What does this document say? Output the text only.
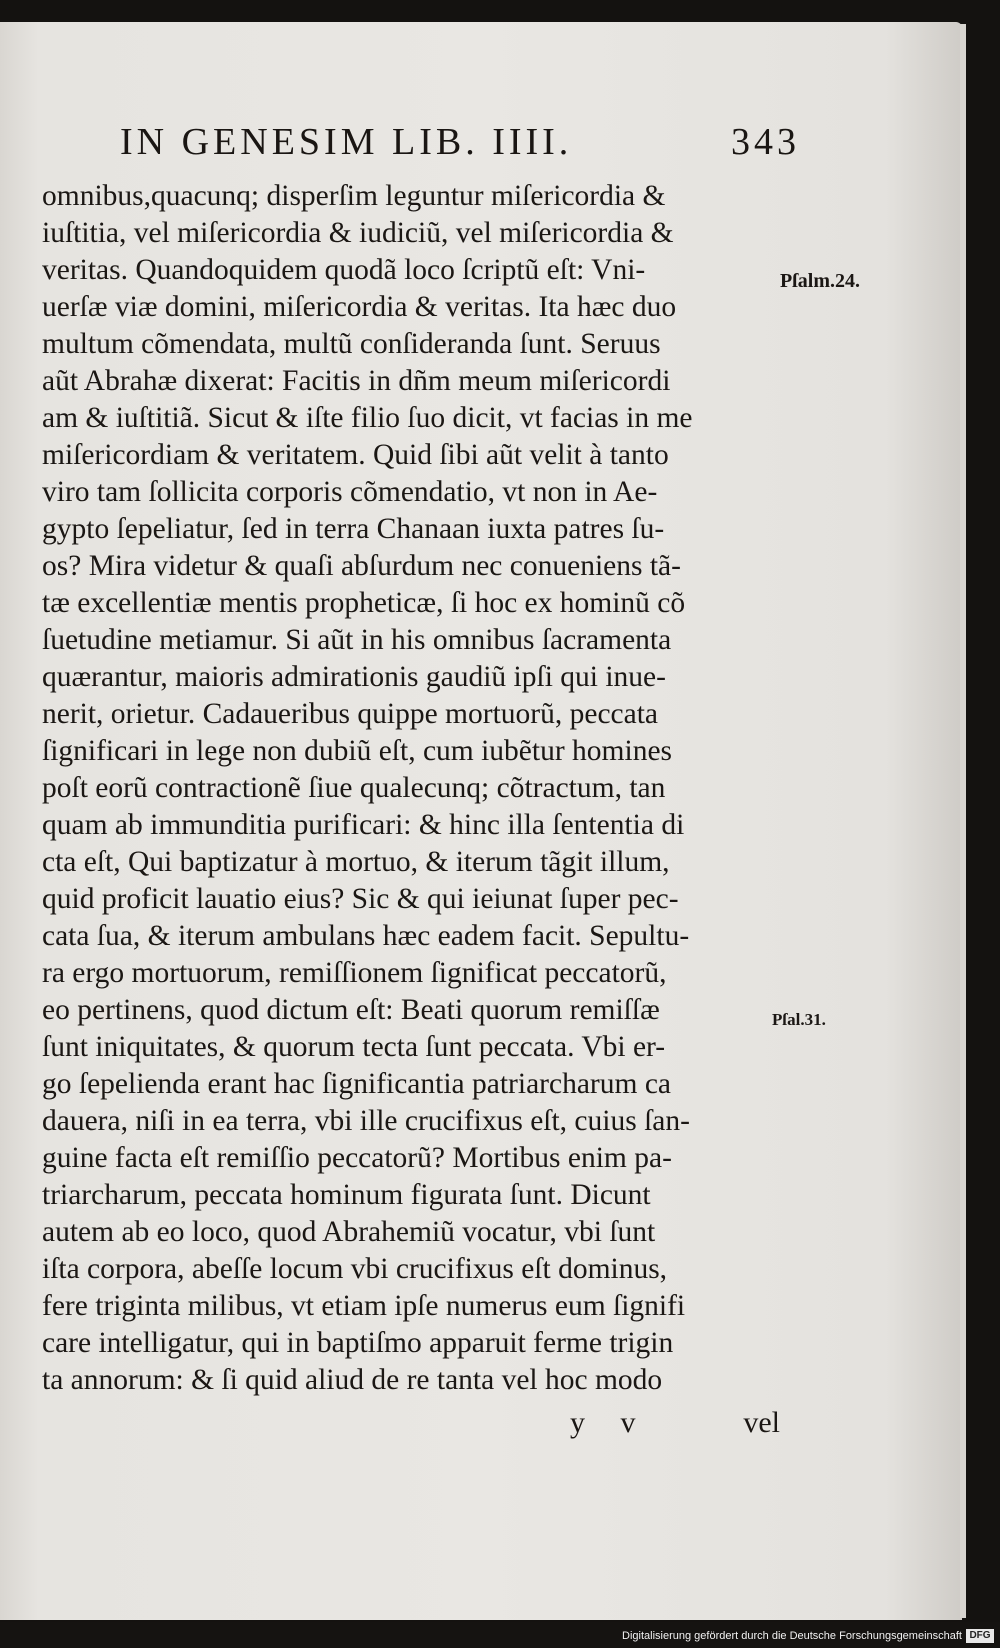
IN GENESIM LIB. IIII.	343
omnibus,quacunq; disperſim leguntur miſericordia &
iuſtitia, vel miſericordia & iudiciũ, vel miſericordia &
veritas. Quandoquidem quodã loco ſcriptũ eſt: Vni-
uerſæ viæ domini, miſericordia & veritas. Ita hæc duo
multum cõmendata, multũ conſideranda ſunt. Seruus
aũt Abrahæ dixerat: Facitis in dñm meum miſericordi
am & iuſtitiã. Sicut & iſte filio ſuo dicit, vt facias in me
miſericordiam & veritatem. Quid ſibi aũt velit à tanto
viro tam ſollicita corporis cõmendatio, vt non in Ae-
gypto ſepeliatur, ſed in terra Chanaan iuxta patres ſu-
os? Mira videtur & quaſi abſurdum nec conueniens tã-
tæ excellentiæ mentis propheticæ, ſi hoc ex hominũ cõ
ſuetudine metiamur. Si aũt in his omnibus ſacramenta
quærantur, maioris admirationis gaudiũ ipſi qui inue-
nerit, orietur. Cadaueribus quippe mortuorũ, peccata
ſignificari in lege non dubiũ eſt, cum iubẽtur homines
poſt eorũ contractionẽ ſiue qualecunq; cõtractum, tan
quam ab immunditia purificari: & hinc illa ſententia di
cta eſt, Qui baptizatur à mortuo, & iterum tãgit illum,
quid proficit lauatio eius? Sic & qui ieiunat ſuper pec-
cata ſua, & iterum ambulans hæc eadem facit. Sepultu-
ra ergo mortuorum, remiſſionem ſignificat peccatorũ,
eo pertinens, quod dictum eſt: Beati quorum remiſſæ
ſunt iniquitates, & quorum tecta ſunt peccata. Vbi er-
go ſepelienda erant hac ſignificantia patriarcharum ca
dauera, niſi in ea terra, vbi ille crucifixus eſt, cuius ſan-
guine facta eſt remiſſio peccatorũ? Mortibus enim pa-
triarcharum, peccata hominum figurata ſunt. Dicunt
autem ab eo loco, quod Abrahemiũ vocatur, vbi ſunt
iſta corpora, abeſſe locum vbi crucifixus eſt dominus,
fere triginta milibus, vt etiam ipſe numerus eum ſignifi
care intelligatur, qui in baptiſmo apparuit ferme trigin
ta annorum: & ſi quid aliud de re tanta vel hoc modo
Pſalm.24.
Pſal.31.
y v	vel
Digitalisierung gefördert durch die Deutsche Forschungsgemeinschaft DFG
